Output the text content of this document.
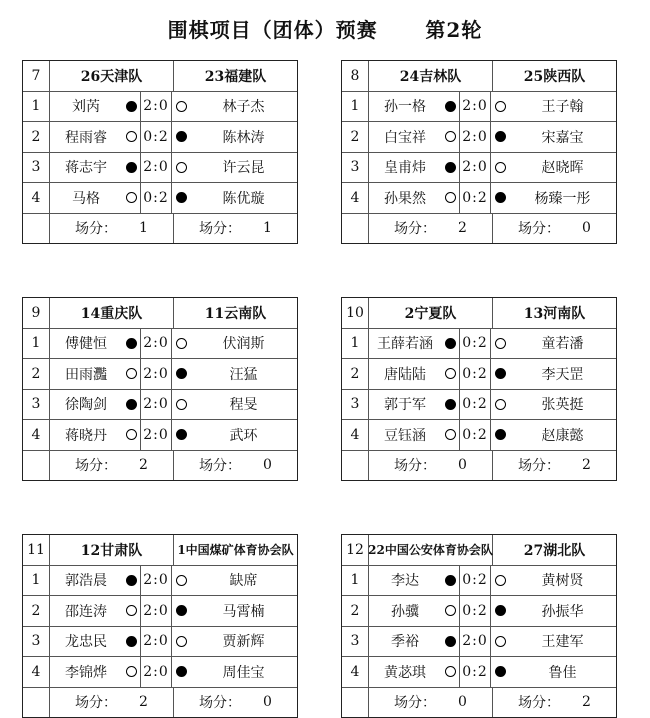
围棋项目（团体）预赛      第2轮
7	26天津队	23福建队
1	刘芮	2:0	林子杰
2	程雨睿	0:2	陈林涛
3	蒋志宇	2:0	许云昆
4	马格	0:2	陈优璇
场分： 1	场分： 1
8	24吉林队	25陕西队
1	孙一格	2:0	王子翰
2	白宝祥	2:0	宋嘉宝
3	皇甫炜	2:0	赵晓晖
4	孙果然	0:2	杨臻一彤
场分： 2	场分： 0
9	14重庆队	11云南队
1	傅健恒	2:0	伏润斯
2	田雨灩	2:0	汪猛
3	徐陶剑	2:0	程旻
4	蒋晓丹	2:0	武环
场分： 2	场分： 0
10	2宁夏队	13河南队
1	王薛若涵	0:2	童若潘
2	唐陆陆	0:2	李天罡
3	郭于军	0:2	张英挺
4	豆钰涵	0:2	赵康懿
场分： 0	场分： 2
11	12甘肃队	1中国煤矿体育协会队
1	郭浩晨	2:0	缺席
2	邵连涛	2:0	马霄楠
3	龙忠民	2:0	贾新辉
4	李锦烨	2:0	周佳宝
场分： 2	场分： 0
12 22中国公安体育协会队	27湖北队
1	李达	0:2	黄树贤
2	孙骥	0:2	孙振华
3	季裕	2:0	王建军
4	黄苾琪	0:2	鲁佳
场分： 0	场分： 2
